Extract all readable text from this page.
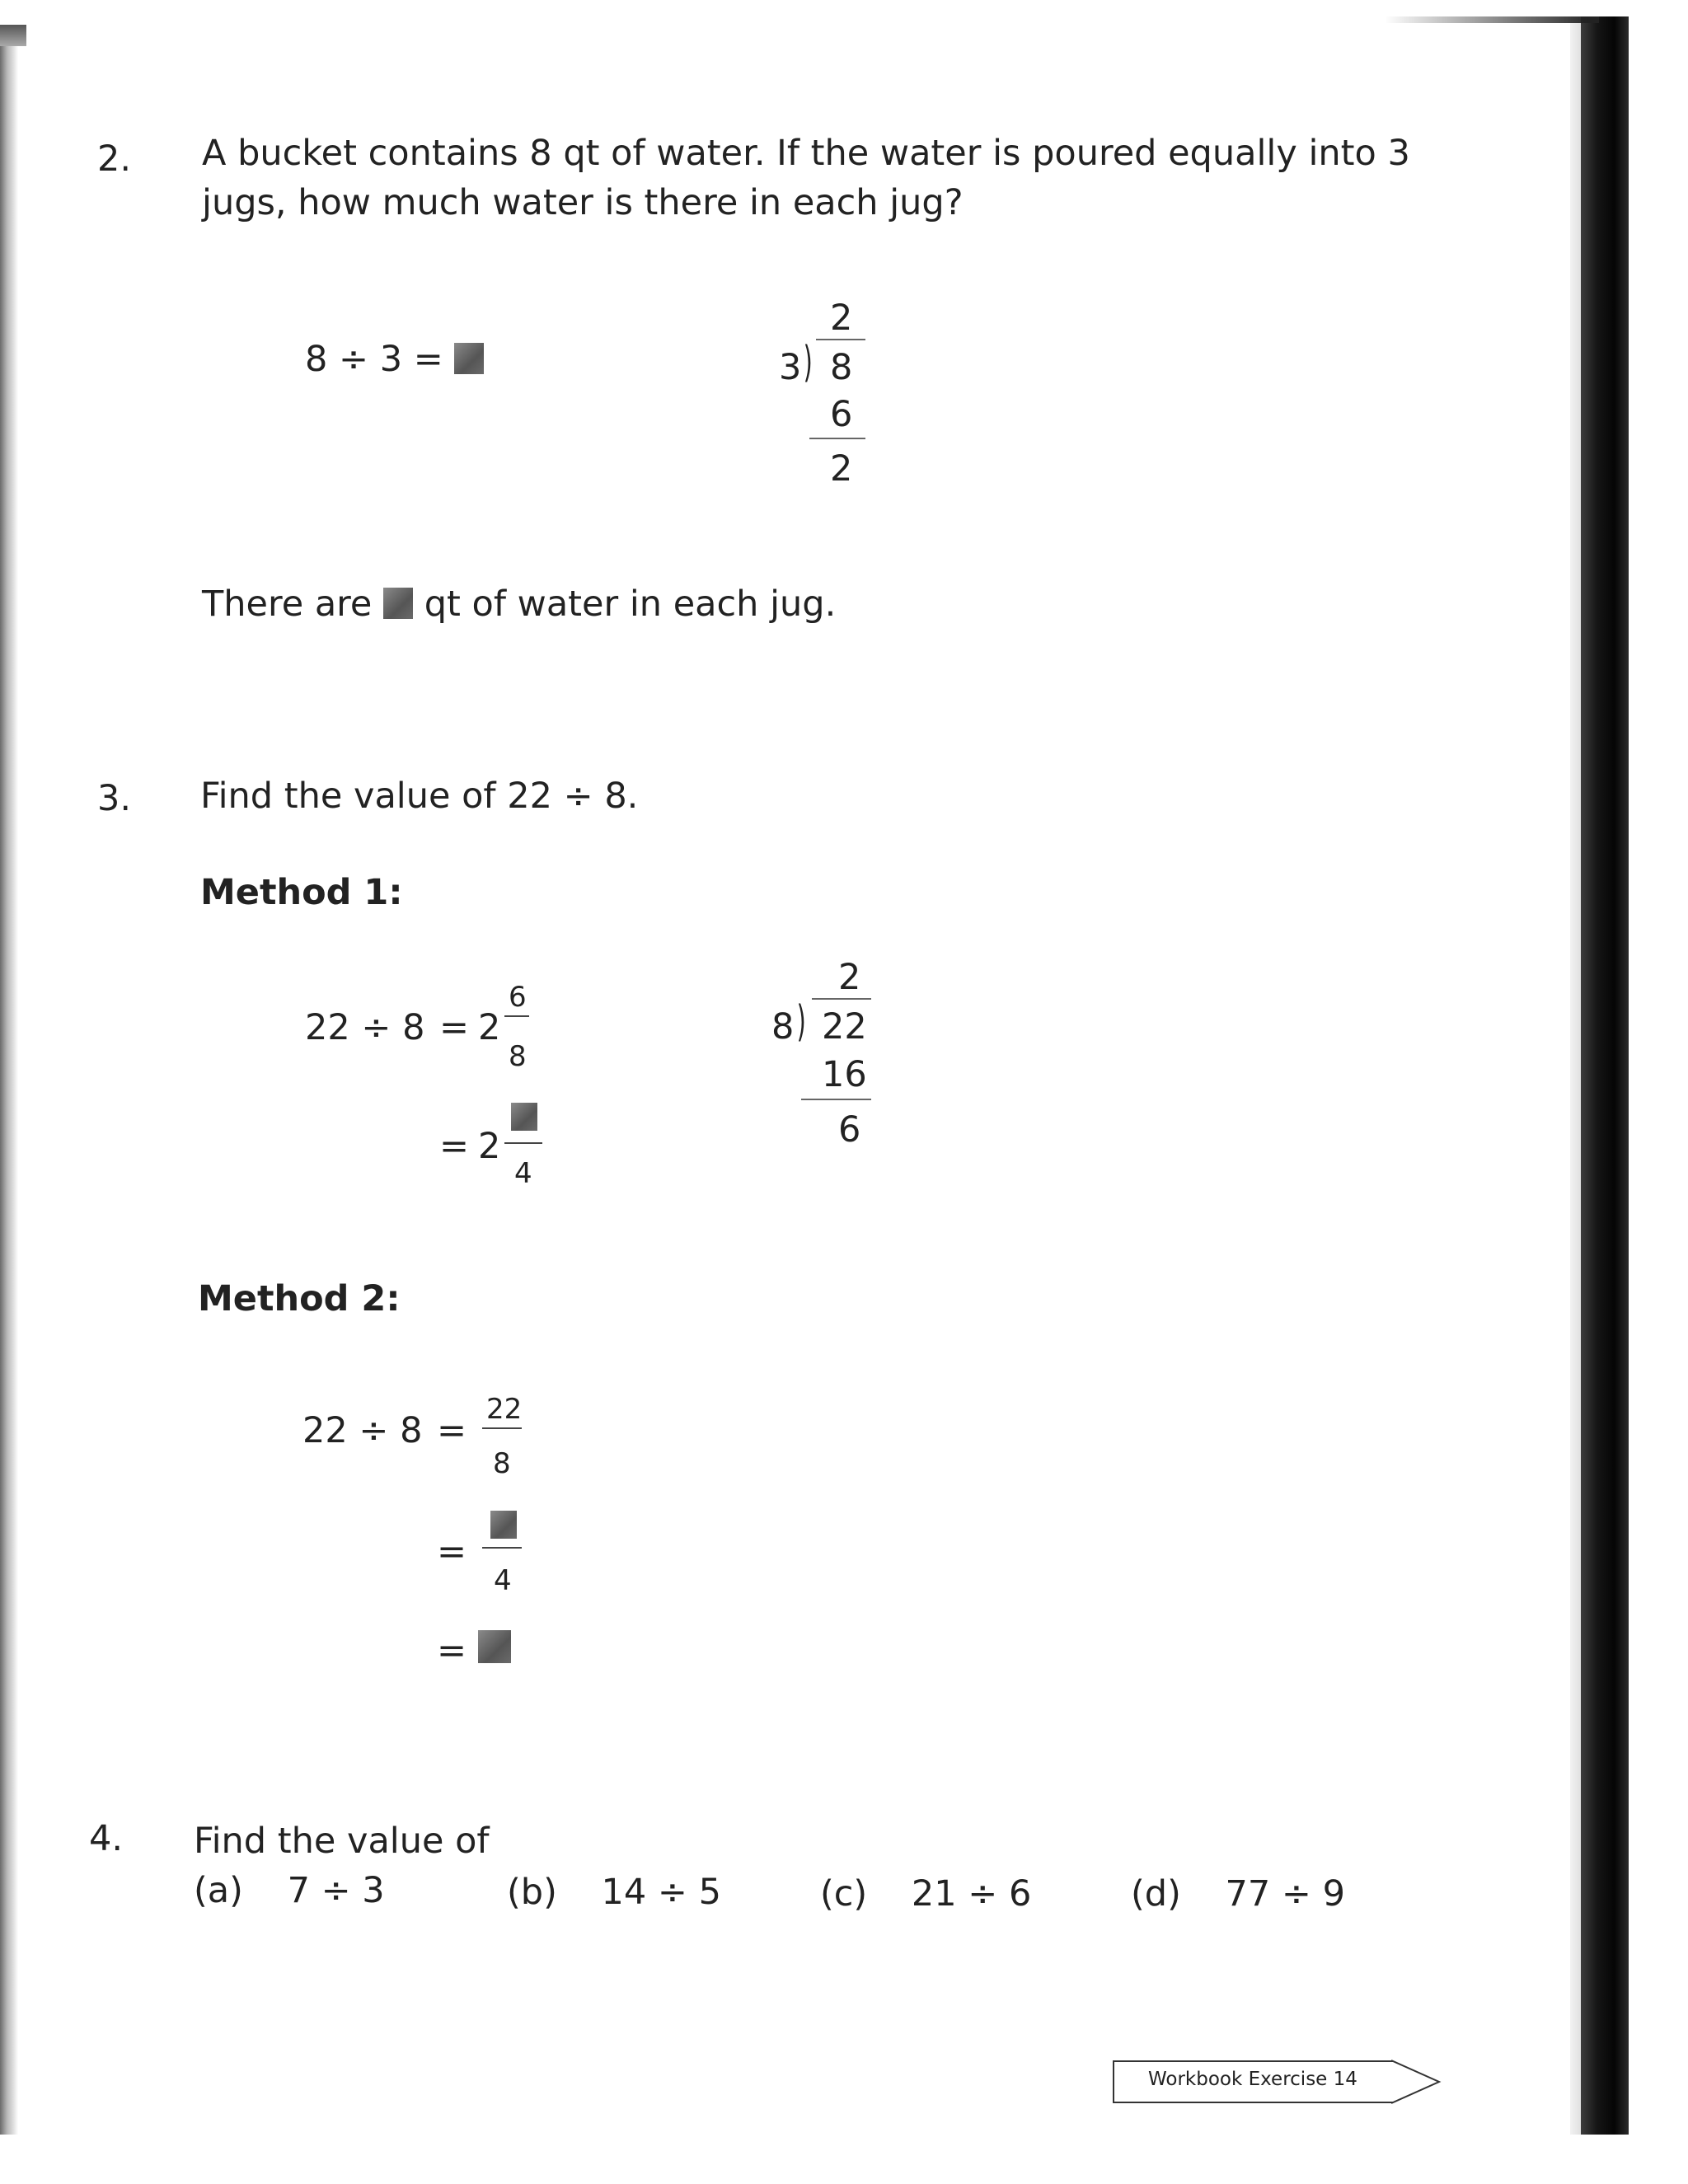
2. A bucket contains 8 qt of water. If the water is poured equally into 3
jugs, how much water is there in each jug?
8 ÷ 3 =
2
3 ) 8
6
2
There are qt of water in each jug.
3. Find the value of 22 ÷ 8.
Method 1:
22 ÷ 8 = 2
6
8
= 2
4
2
8 ) 22
16
6
Method 2:
22 ÷ 8 =
22
8
=
4
=
4. Find the value of
(a) 7 ÷ 3	(b) 14 ÷ 5	(c) 21 ÷ 6	(d) 77 ÷ 9
Workbook Exercise 14
